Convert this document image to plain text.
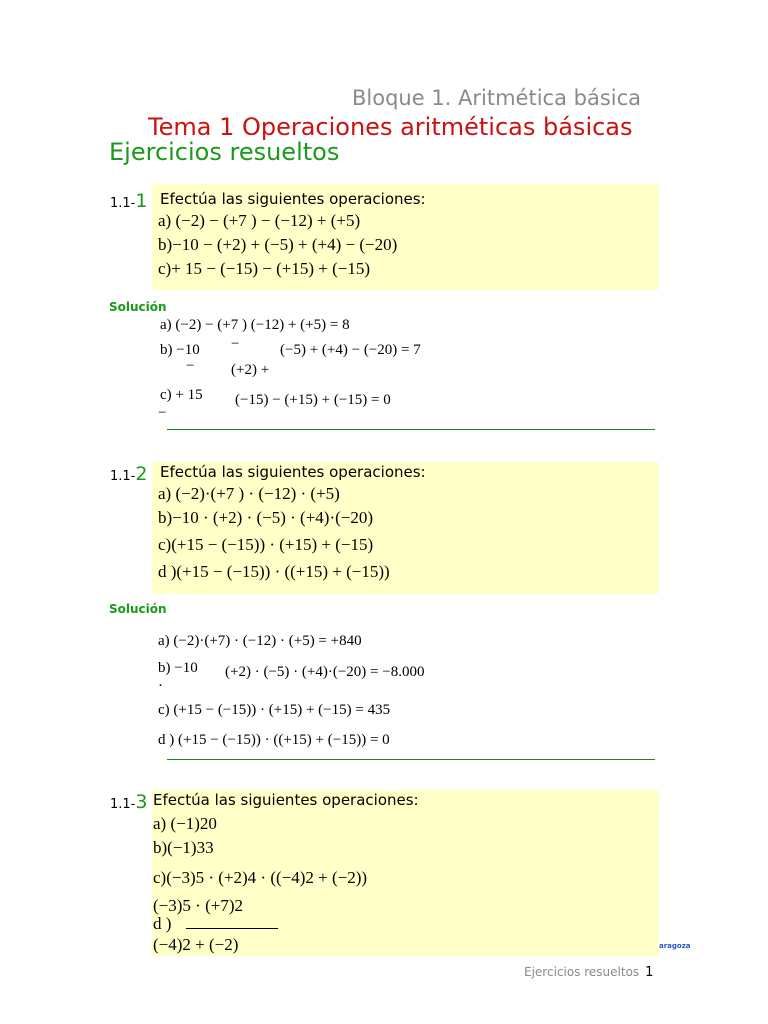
Bloque 1. Aritmética básica
Tema 1 Operaciones aritméticas básicas
Ejercicios resueltos
1.1-1 Efectúa las siguientes operaciones:
a) (−2) − (+7 ) − (−12) + (+5)
b)−10 − (+2) + (−5) + (+4) − (−20)
c)+ 15 − (−15) − (+15) + (−15)
Solución
a) (−2) − (+7 ) (−12) + (+5) = 8
b) −10 −	(−5) + (+4) − (−20) = 7
− (+2) +
c) + 15 (−15) − (+15) + (−15) = 0
−
1.1-2 Efectúa las siguientes operaciones:
a) (−2)·(+7 ) · (−12) · (+5)
b)−10 · (+2) · (−5) · (+4)·(−20)
c)(+15 − (−15)) · (+15) + (−15)
d )(+15 − (−15)) · ((+15) + (−15))
Solución
a) (−2)·(+7) · (−12) · (+5) = +840
b) −10 (+2) · (−5) · (+4)·(−20) = −8.000
·
c) (+15 − (−15)) · (+15) + (−15) = 435
d ) (+15 − (−15)) · ((+15) + (−15)) = 0
1.1-3 Efectúa las siguientes operaciones:
a) (−1)20
b)(−1)33
c)(−3)5 · (+2)4 · ((−4)2 + (−2))
(−3)5 · (+7)2
d )
(−4)2 + (−2)	aragoza
Ejercicios resueltos 1
